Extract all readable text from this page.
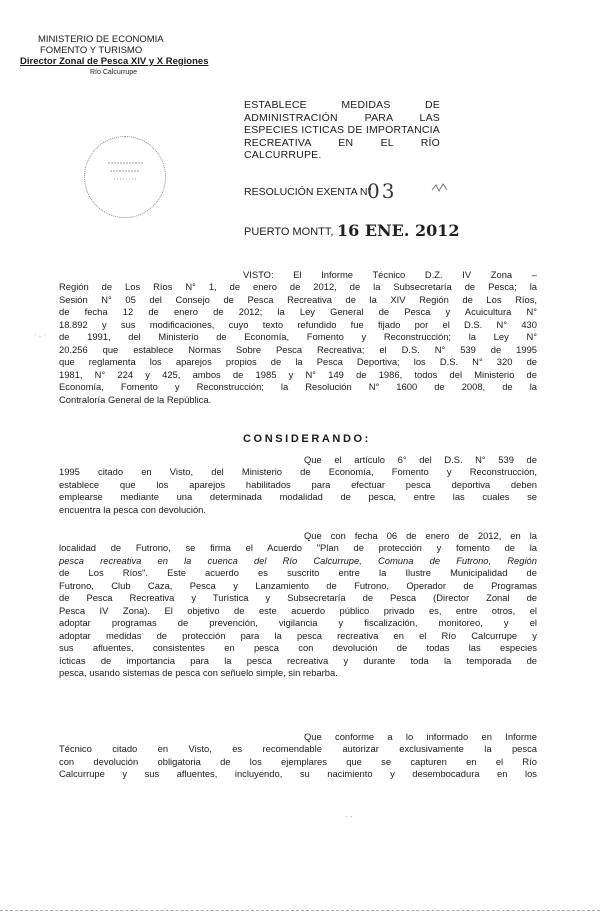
MINISTERIO DE ECONOMIA
FOMENTO Y TURISMO
Director Zonal de Pesca XIV y X Regiones
Río Calcurrupe
ESTABLECE MEDIDAS DE
ADMINISTRACIÓN PARA LAS
ESPECIES ICTICAS DE IMPORTANCIA
RECREATIVA EN EL RÍO
CALCURRUPE.
RESOLUCIÓN EXENTA N°
03
PUERTO MONTT, 16 ENE. 2012
VISTO: El Informe Técnico D.Z. IV Zona –
Región de Los Ríos N° 1, de enero de 2012, de la Subsecretaría de Pesca; la
Sesión N° 05 del Consejo de Pesca Recreativa de la XIV Región de Los Ríos,
de fecha 12 de enero de 2012; la Ley General de Pesca y Acuicultura N°
18.892 y sus modificaciones, cuyo texto refundido fue fijado por el D.S. N° 430
de 1991, del Ministerio de Economía, Fomento y Reconstrucción; la Ley N°
20.256 que establece Normas Sobre Pesca Recreativa; el D.S. N° 539 de 1995
que reglamenta los aparejos propios de la Pesca Deportiva; los D.S. N° 320 de
1981, N° 224 y 425, ambos de 1985 y N° 149 de 1986, todos del Ministerio de
Economía, Fomento y Reconstrucción; la Resolución N° 1600 de 2008, de la
Contraloría General de la República.
· . ·
CONSIDERANDO:
Que el artículo 6° del D.S. N° 539 de
1995 citado en Visto, del Ministerio de Economía, Fomento y Reconstrucción,
establece que los aparejos habilitados para efectuar pesca deportiva deben
emplearse mediante una determinada modalidad de pesca, entre las cuales se
encuentra la pesca con devolución.
Que con fecha 06 de enero de 2012, en la
localidad de Futrono, se firma el Acuerdo "Plan de protección y fomento de la
pesca recreativa en la cuenca del Río Calcurrupe, Comuna de Futrono, Región
de Los Ríos". Este acuerdo es suscrito entre la Ilustre Municipalidad de
Futrono, Club Caza, Pesca y Lanzamiento de Futrono, Operador de Programas
de Pesca Recreativa y Turística y Subsecretaría de Pesca (Director Zonal de
Pesca IV Zona). El objetivo de este acuerdo público privado es, entre otros, el
adoptar programas de prevención, vigilancia y fiscalización, monitoreo, y el
adoptar medidas de protección para la pesca recreativa en el Río Calcurrupe y
sus afluentes, consistentes en pesca con devolución de todas las especies
ícticas de importancia para la pesca recreativa y durante toda la temporada de
pesca, usando sistemas de pesca con señuelo simple, sin rebarba.
Que conforme a lo informado en Informe
Técnico citado en Visto, es recomendable autorizar exclusivamente la pesca
con devolución obligatoria de los ejemplares que se capturen en el Río
Calcurrupe y sus afluentes, incluyendo, su nacimiento y desembocadura en los
· ·
